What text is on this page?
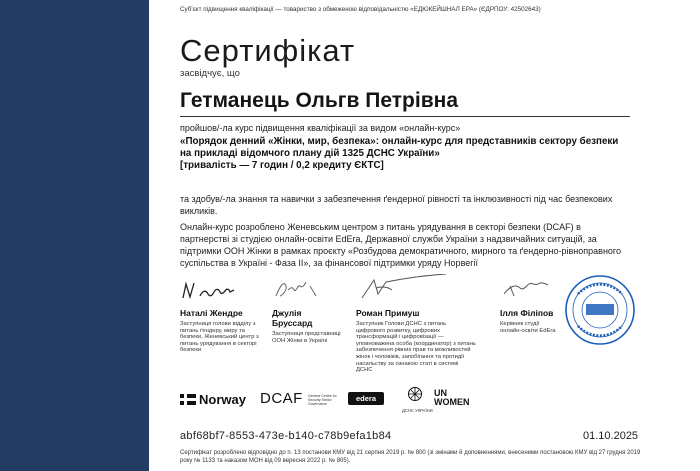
Суб'єкт підвищення кваліфікації — товариство з обмеженою відповідальністю «ЕДЮКЕЙШНАЛ ЕРА» (ЄДРПОУ: 42502643)
Сертифікат
засвідчує, що
Гетманець Ольгв Петрівна
пройшов/-ла курс підвищення кваліфікації за видом «онлайн-курс»
«Порядок денний «Жінки, мир, безпека»: онлайн-курс для представників сектору безпеки на прикладі відомчого плану дій 1325 ДСНС України»
[тривалість — 7 годин / 0,2 кредиту ЄКТС]
та здобув/-ла знання та навички з забезпечення ґендерної рівності та інклюзивності під час безпекових викликів.
Онлайн-курс розроблено Женевським центром з питань урядування в секторі безпеки (DCAF) в партнерстві зі студією онлайн-освіти EdEra, Державної служби України з надзвичайних ситуацій, за підтримки ООН Жінки в рамках проєкту «Розбудова демократичного, мирного та ґендерно-рівноправного суспільства в Україні - Фаза ІІ», за фінансової підтримки уряду Норвегії
Наталі Жендре
Заступниця голови відділу з питань ґендеру, миру та безпеки, Женевський центр з питань урядування в секторі безпеки
Джулія Бруссард
Заступниця представниці ООН Жінки в Україні
Роман Примуш
Заступник Голови ДСНС з питань цифрового розвитку, цифрових трансформацій і цифровізації — уповноважена особа (координатор) з питань забезпечення рівних прав та можливостей жінок і чоловіків, запобігання та протидії насильству за ознакою статі в системі ДСНС
Ілля Філіпов
Керівник студії онлайн-освіти EdEra
Norway DCAF Geneva Centre for Security Sector Governance
edera
ДСНС УКРАЇНИ
UN
WOMEN
abf68bf7-8553-473e-b140-c78b9efa1b84	01.10.2025
Сертифікат розроблено відповідно до п. 13 постанови КМУ від 21 серпня 2019 р. № 800 (зі змінами й доповненнями, внесеними постановою КМУ від 27 грудня 2019 року № 1133 та наказом МОН від 09 вересня 2022 р. № 805).
